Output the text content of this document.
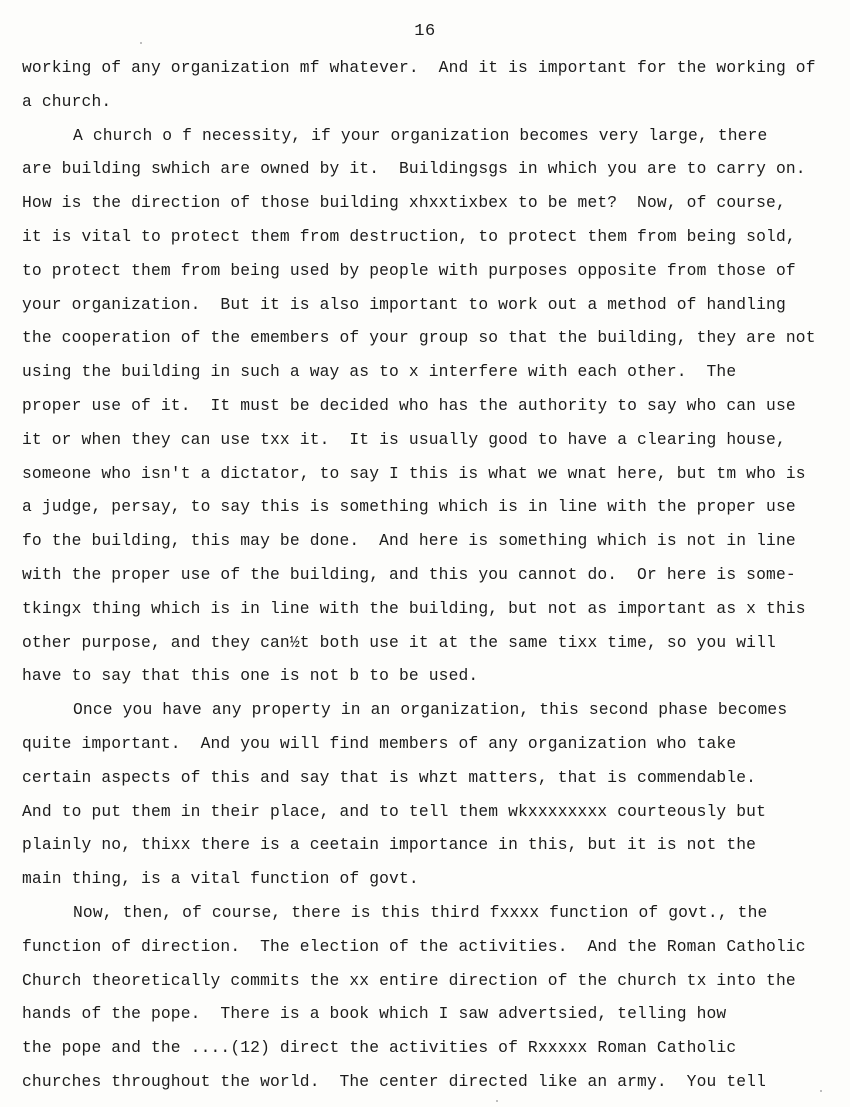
16
working of any organization mf whatever.  And it is important for the working of
a church.
A church o f necessity, if your organization becomes very large, there
are building swhich are owned by it.  Buildingsgs in which you are to carry on.
How is the direction of those building xhxxtixbex to be met?  Now, of course,
it is vital to protect them from destruction, to protect them from being sold,
to protect them from being used by people with purposes opposite from those of
your organization.  But it is also important to work out a method of handling
the cooperation of the emembers of your group so that the building, they are not
using the building in such a way as to x interfere with each other.  The
proper use of it.  It must be decided who has the authority to say who can use
it or when they can use txx it.  It is usually good to have a clearing house,
someone who isn't a dictator, to say I this is what we wnat here, but tm who is
a judge, persay, to say this is something which is in line with the proper use
fo the building, this may be done.  And here is something which is not in line
with the proper use of the building, and this you cannot do.  Or here is some-
tkingx thing which is in line with the building, but not as important as x this
other purpose, and they can½t both use it at the same tixx time, so you will
have to say that this one is not b to be used.
Once you have any property in an organization, this second phase becomes
quite important.  And you will find members of any organization who take
certain aspects of this and say that is whzt matters, that is commendable.
And to put them in their place, and to tell them wkxxxxxxxx courteously but
plainly no, thixx there is a ceetain importance in this, but it is not the
main thing, is a vital function of govt.
Now, then, of course, there is this third fxxxx function of govt., the
function of direction.  The election of the activities.  And the Roman Catholic
Church theoretically commits the xx entire direction of the church tx into the
hands of the pope.  There is a book which I saw advertsied, telling how
the pope and the ....(12) direct the activities of Rxxxxx Roman Catholic
churches throughout the world.  The center directed like an army.  You tell
